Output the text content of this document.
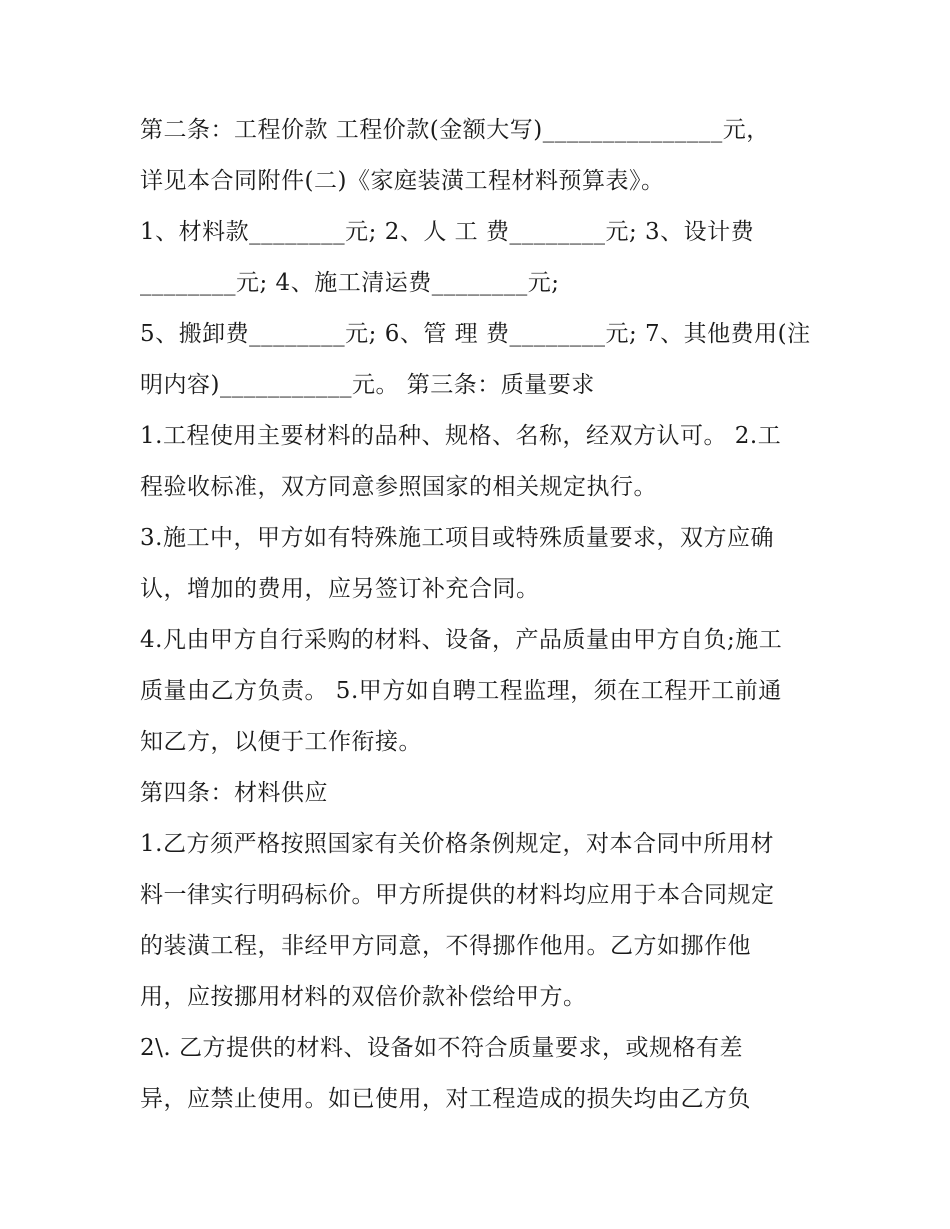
第二条：工程价款 工程价款(金额大写)_______________元，
详见本合同附件(二)《家庭装潢工程材料预算表》。
1、材料款________元; 2、人 工 费________元; 3、设计费
________元; 4、施工清运费________元;
5、搬卸费________元; 6、管 理 费________元; 7、其他费用(注
明内容)___________元。 第三条：质量要求
1.工程使用主要材料的品种、规格、名称，经双方认可。 2.工
程验收标准，双方同意参照国家的相关规定执行。
3.施工中，甲方如有特殊施工项目或特殊质量要求，双方应确
认，增加的费用，应另签订补充合同。
4.凡由甲方自行采购的材料、设备，产品质量由甲方自负;施工
质量由乙方负责。 5.甲方如自聘工程监理，须在工程开工前通
知乙方，以便于工作衔接。
第四条：材料供应
1.乙方须严格按照国家有关价格条例规定，对本合同中所用材
料一律实行明码标价。甲方所提供的材料均应用于本合同规定
的装潢工程，非经甲方同意，不得挪作他用。乙方如挪作他
用，应按挪用材料的双倍价款补偿给甲方。
2\. 乙方提供的材料、设备如不符合质量要求，或规格有差
异，应禁止使用。如已使用，对工程造成的损失均由乙方负
